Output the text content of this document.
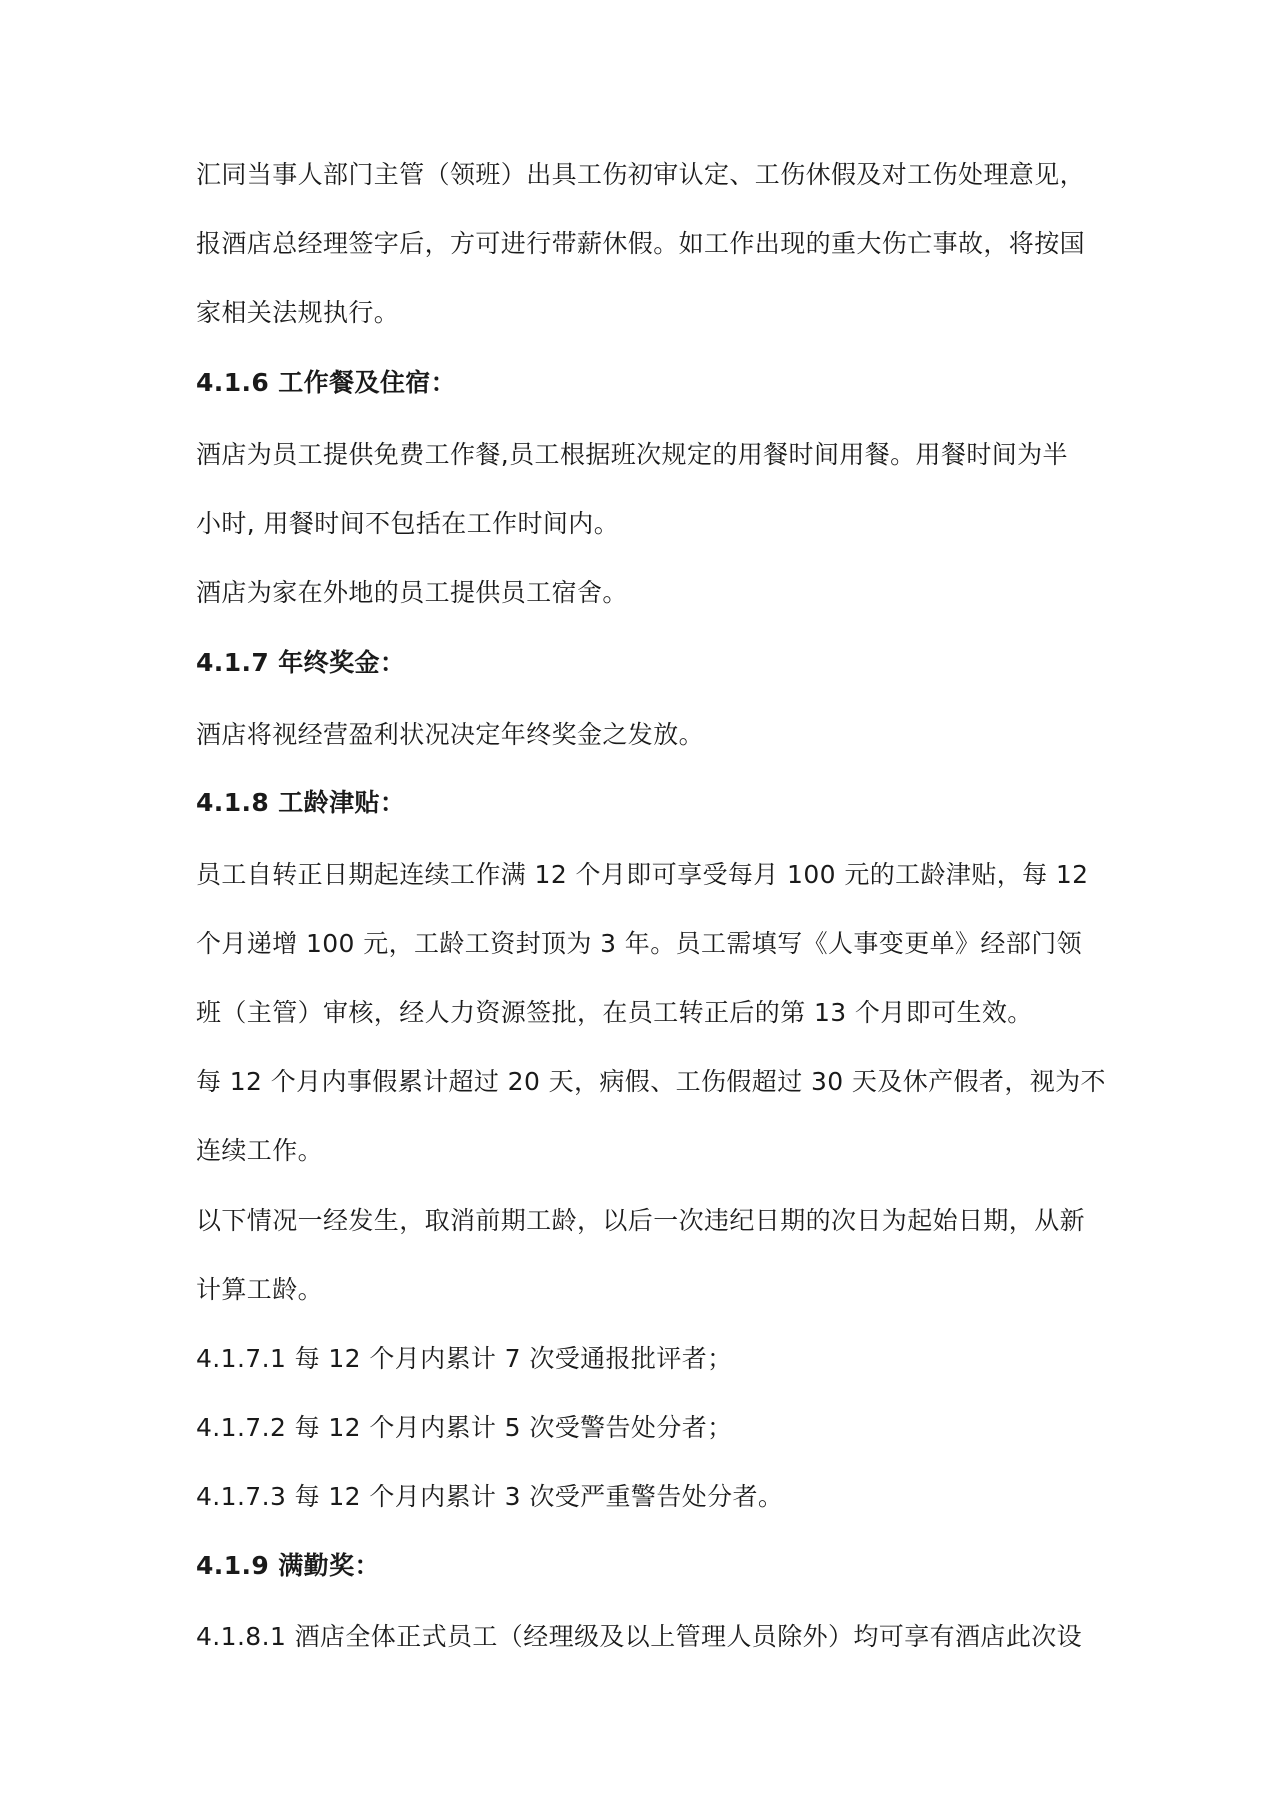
汇同当事人部门主管（领班）出具工伤初审认定、工伤休假及对工伤处理意见，
报酒店总经理签字后，方可进行带薪休假。如工作出现的重大伤亡事故，将按国
家相关法规执行。
4.1.6 工作餐及住宿：
酒店为员工提供免费工作餐,员工根据班次规定的用餐时间用餐。用餐时间为半
小时, 用餐时间不包括在工作时间内。
酒店为家在外地的员工提供员工宿舍。
4.1.7 年终奖金：
酒店将视经营盈利状况决定年终奖金之发放。
4.1.8 工龄津贴：
员工自转正日期起连续工作满 12 个月即可享受每月 100 元的工龄津贴，每 12
个月递增 100 元，工龄工资封顶为 3 年。员工需填写《人事变更单》经部门领
班（主管）审核，经人力资源签批，在员工转正后的第 13 个月即可生效。
每 12 个月内事假累计超过 20 天，病假、工伤假超过 30 天及休产假者，视为不
连续工作。
以下情况一经发生，取消前期工龄，以后一次违纪日期的次日为起始日期，从新
计算工龄。
4.1.7.1 每 12 个月内累计 7 次受通报批评者；
4.1.7.2 每 12 个月内累计 5 次受警告处分者；
4.1.7.3 每 12 个月内累计 3 次受严重警告处分者。
4.1.9 满勤奖：
4.1.8.1 酒店全体正式员工（经理级及以上管理人员除外）均可享有酒店此次设
